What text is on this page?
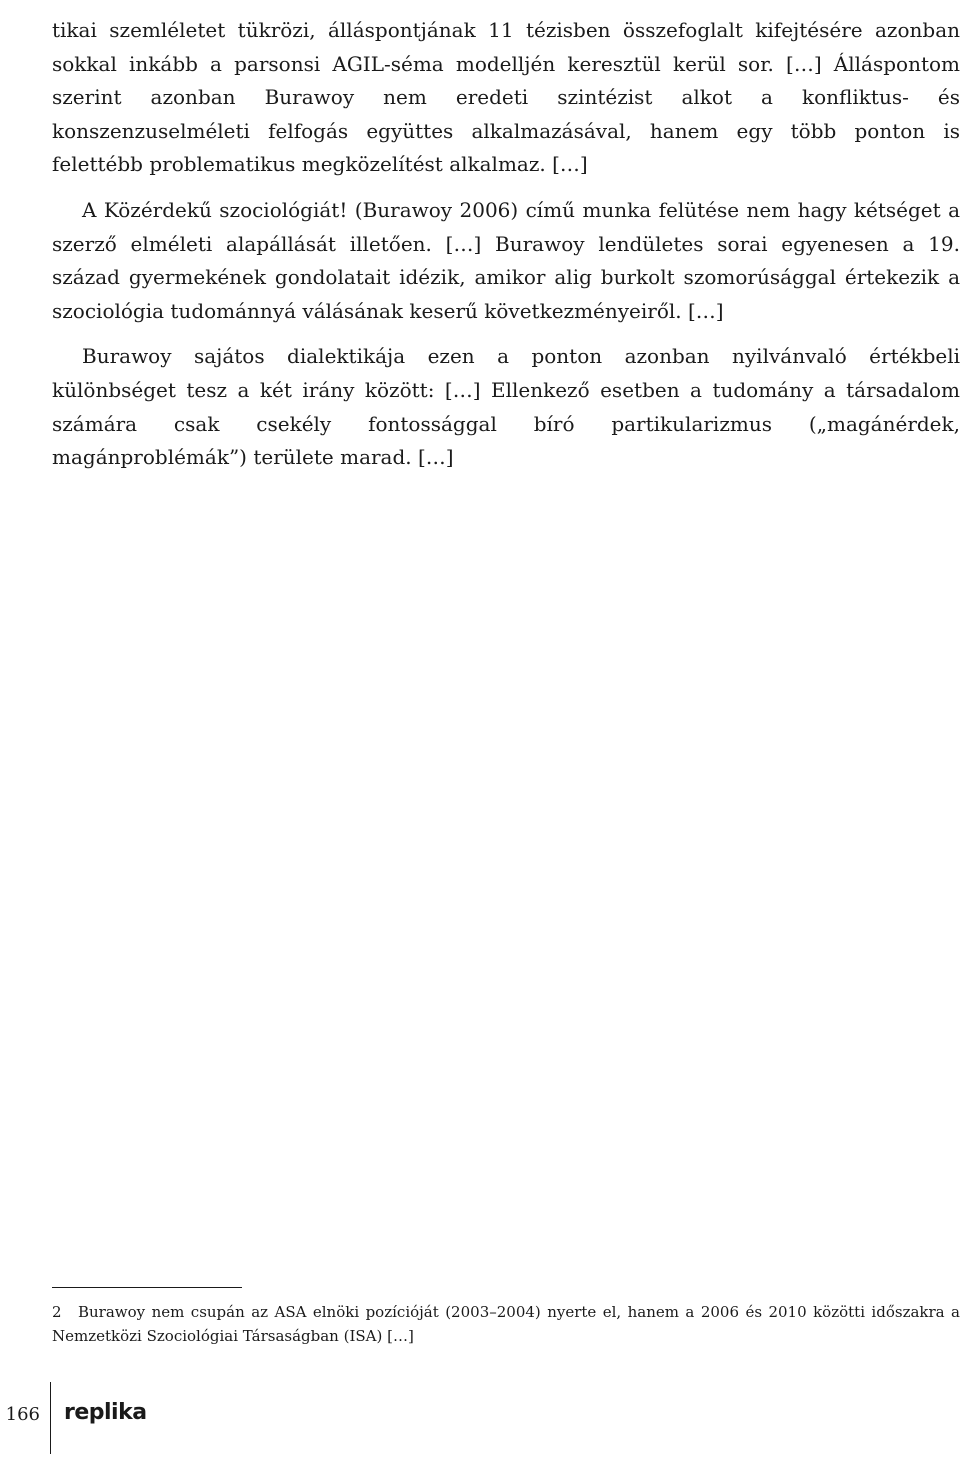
tikai szemléletet tükrözi, álláspontjának 11 tézisben összefoglalt kifejtésére azonban sokkal inkább a parsonsi AGIL-séma modelljén keresztül kerül sor. […] Álláspontom szerint azonban Burawoy nem eredeti szintézist alkot a konfliktus- és konszenzuselméleti felfogás együttes alkalmazásával, hanem egy több ponton is felettébb problematikus megközelítést alkalmaz. […]

A Közérdekű szociológiát! (Burawoy 2006) című munka felütése nem hagy kétséget a szerző elméleti alapállását illetően. […] Burawoy lendületes sorai egyenesen a 19. század gyermekének gondolatait idézik, amikor alig burkolt szomorúsággal értekezik a szociológia tudománnyá válásának keserű következményeiről. […]

Burawoy sajátos dialektikája ezen a ponton azonban nyilvánvaló értékbeli különbséget tesz a két irány között: […] Ellenkező esetben a tudomány a társadalom számára csak csekély fontossággal bíró partikularizmus („magánérdek, magánproblémák”) területe marad. […]

2 Burawoy nem csupán az ASA elnöki pozícióját (2003–2004) nyerte el, hanem a 2006 és 2010 közötti időszakra a Nemzetközi Szociológiai Társaságban (ISA) […]
166 replika
